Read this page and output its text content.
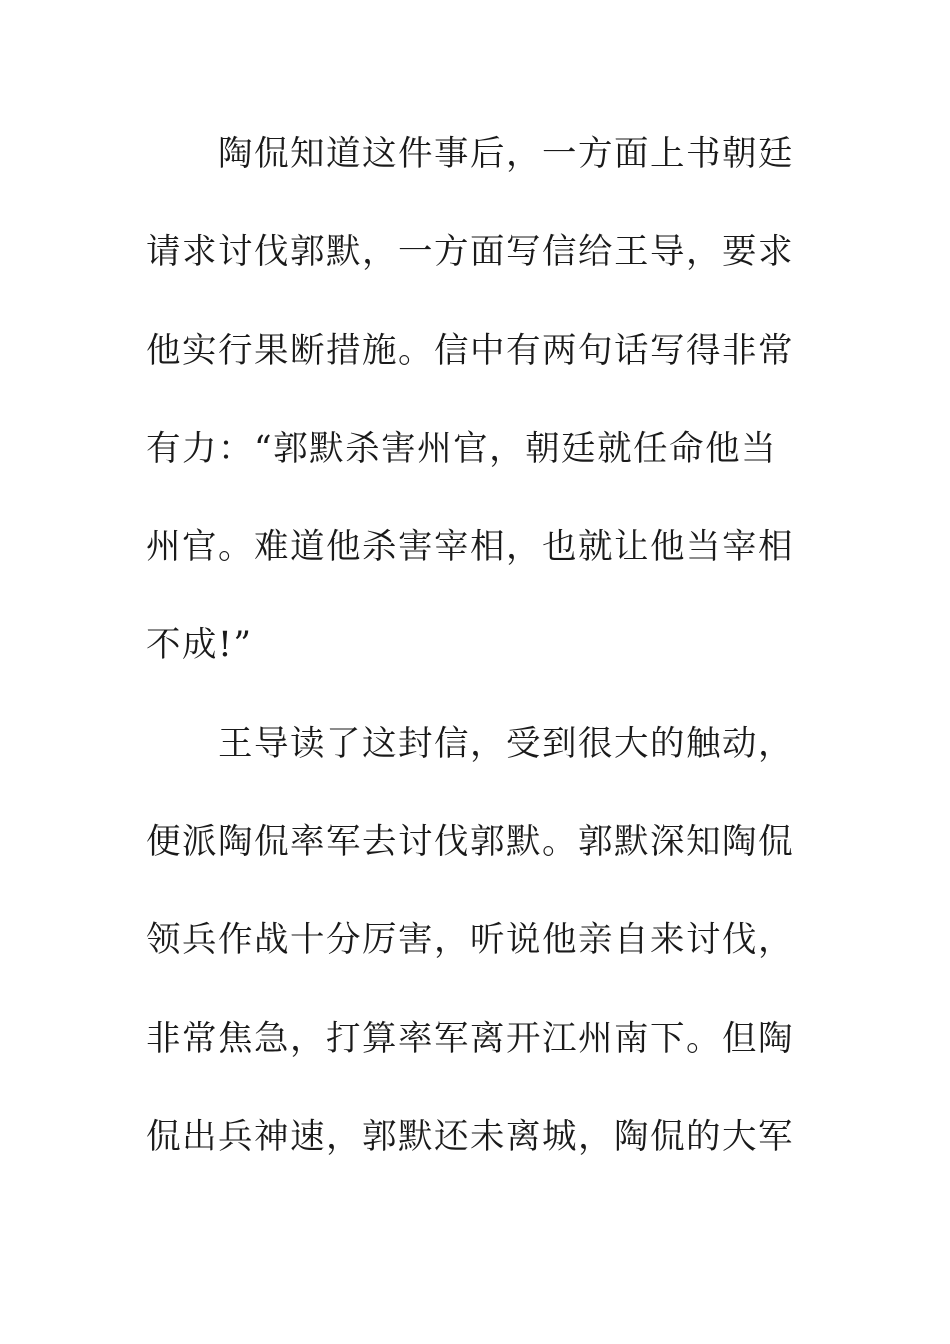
陶侃知道这件事后，一方面上书朝廷
请求讨伐郭默，一方面写信给王导，要求
他实行果断措施。信中有两句话写得非常
有力：“郭默杀害州官，朝廷就任命他当
州官。难道他杀害宰相，也就让他当宰相
不成!”
王导读了这封信，受到很大的触动，
便派陶侃率军去讨伐郭默。郭默深知陶侃
领兵作战十分厉害，听说他亲自来讨伐，
非常焦急，打算率军离开江州南下。但陶
侃出兵神速，郭默还未离城，陶侃的大军
